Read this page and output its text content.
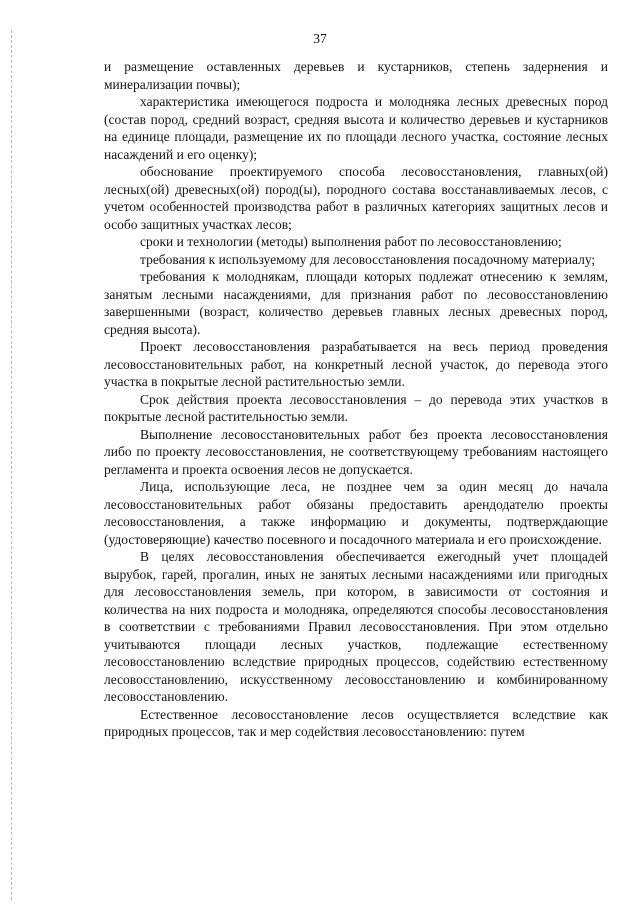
37

и размещение оставленных деревьев и кустарников, степень задернения и минерализации почвы);

характеристика имеющегося подроста и молодняка лесных древесных пород (состав пород, средний возраст, средняя высота и количество деревьев и кустарников на единице площади, размещение их по площади лесного участка, состояние лесных насаждений и его оценку);

обоснование проектируемого способа лесовосстановления, главных(ой) лесных(ой) древесных(ой) пород(ы), породного состава восстанавливаемых лесов, с учетом особенностей производства работ в различных категориях защитных лесов и особо защитных участках лесов;

сроки и технологии (методы) выполнения работ по лесовосстановлению;

требования к используемому для лесовосстановления посадочному материалу;

требования к молоднякам, площади которых подлежат отнесению к землям, занятым лесными насаждениями, для признания работ по лесовосстановлению завершенными (возраст, количество деревьев главных лесных древесных пород, средняя высота).

Проект лесовосстановления разрабатывается на весь период проведения лесовосстановительных работ, на конкретный лесной участок, до перевода этого участка в покрытые лесной растительностью земли.

Срок действия проекта лесовосстановления – до перевода этих участков в покрытые лесной растительностью земли.

Выполнение лесовосстановительных работ без проекта лесовосстановления либо по проекту лесовосстановления, не соответствующему требованиям настоящего регламента и проекта освоения лесов не допускается.

Лица, использующие леса, не позднее чем за один месяц до начала лесовосстановительных работ обязаны предоставить арендодателю проекты лесовосстановления, а также информацию и документы, подтверждающие (удостоверяющие) качество посевного и посадочного материала и его происхождение.

В целях лесовосстановления обеспечивается ежегодный учет площадей вырубок, гарей, прогалин, иных не занятых лесными насаждениями или пригодных для лесовосстановления земель, при котором, в зависимости от состояния и количества на них подроста и молодняка, определяются способы лесовосстановления в соответствии с требованиями Правил лесовосстановления. При этом отдельно учитываются площади лесных участков, подлежащие естественному лесовосстановлению вследствие природных процессов, содействию естественному лесовосстановлению, искусственному лесовосстановлению и комбинированному лесовосстановлению.

Естественное лесовосстановление лесов осуществляется вследствие как природных процессов, так и мер содействия лесовосстановлению: путем
